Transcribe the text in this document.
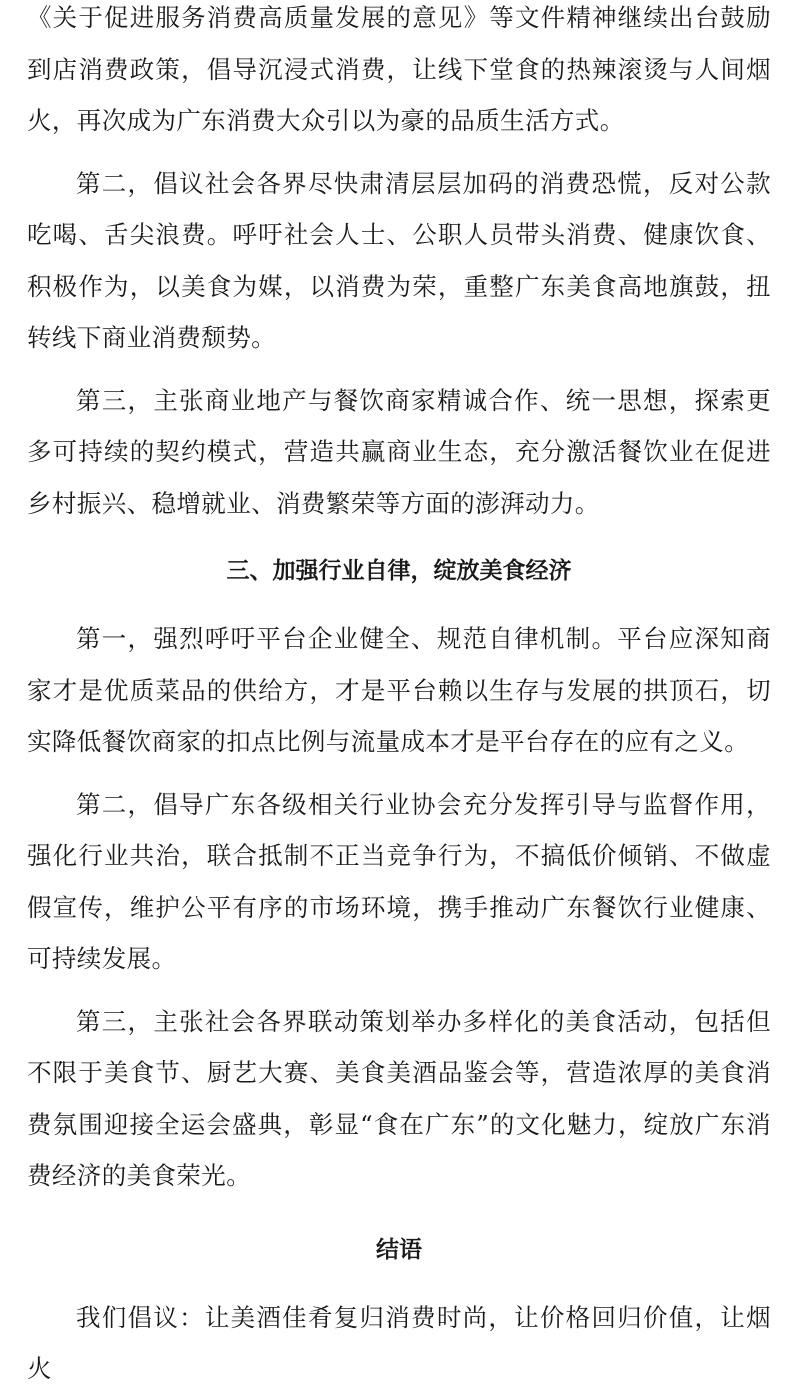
《关于促进服务消费高质量发展的意见》等文件精神继续出台鼓励到店消费政策，倡导沉浸式消费，让线下堂食的热辣滚烫与人间烟火，再次成为广东消费大众引以为豪的品质生活方式。

第二，倡议社会各界尽快肃清层层加码的消费恐慌，反对公款吃喝、舌尖浪费。呼吁社会人士、公职人员带头消费、健康饮食、积极作为，以美食为媒，以消费为荣，重整广东美食高地旗鼓，扭转线下商业消费颓势。

第三，主张商业地产与餐饮商家精诚合作、统一思想，探索更多可持续的契约模式，营造共赢商业生态，充分激活餐饮业在促进乡村振兴、稳增就业、消费繁荣等方面的澎湃动力。

三、加强行业自律，绽放美食经济

第一，强烈呼吁平台企业健全、规范自律机制。平台应深知商家才是优质菜品的供给方，才是平台赖以生存与发展的拱顶石，切实降低餐饮商家的扣点比例与流量成本才是平台存在的应有之义。

第二，倡导广东各级相关行业协会充分发挥引导与监督作用，强化行业共治，联合抵制不正当竞争行为，不搞低价倾销、不做虚假宣传，维护公平有序的市场环境，携手推动广东餐饮行业健康、可持续发展。

第三，主张社会各界联动策划举办多样化的美食活动，包括但不限于美食节、厨艺大赛、美食美酒品鉴会等，营造浓厚的美食消费氛围迎接全运会盛典，彰显“食在广东”的文化魅力，绽放广东消费经济的美食荣光。

结语

我们倡议：让美酒佳肴复归消费时尚，让价格回归价值，让烟火
